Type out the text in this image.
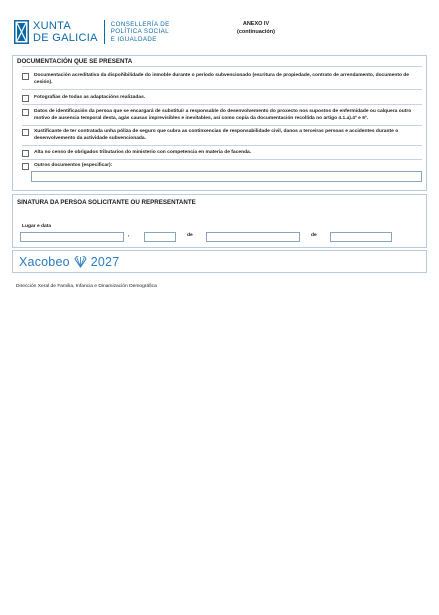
XUNTA
DE GALICIA
CONSELLERÍA DE
POLÍTICA SOCIAL
E IGUALDADE
ANEXO IV
(continuación)
DOCUMENTACIÓN QUE SE PRESENTA
Documentación acreditativa da dispoñibilidade do inmoble durante o período subvencionado (escritura de propiedade, contrato de arrendamento, documento de cesión).
Fotografías de todas as adaptacións realizadas.
Datos de identificación da persoa que se encargará de substituír a responsable do desenvolvemento do proxecto nos supostos de enfermidade ou calquera outro motivo de ausencia temporal desta, agás causas imprevisibles e inevitables, así como copia da documentación recollida no artigo 4.1.a).4º e 6º.
Xustificante de ter contratada unha póliza de seguro que cubra as continxencias de responsabilidade civil, danos a terceiras persoas e accidentes durante o desenvolvemento da actividade subvencionada.
Alta no censo de obrigados tributarios do ministerio con competencia en materia de facenda.
Outros documentos (especificar):
SINATURA DA PERSOA SOLICITANTE OU REPRESENTANTE
Lugar e data
,	de	de
Xacobeo 2027
Dirección Xeral de Familia, Infancia e Dinamización Demográfica
